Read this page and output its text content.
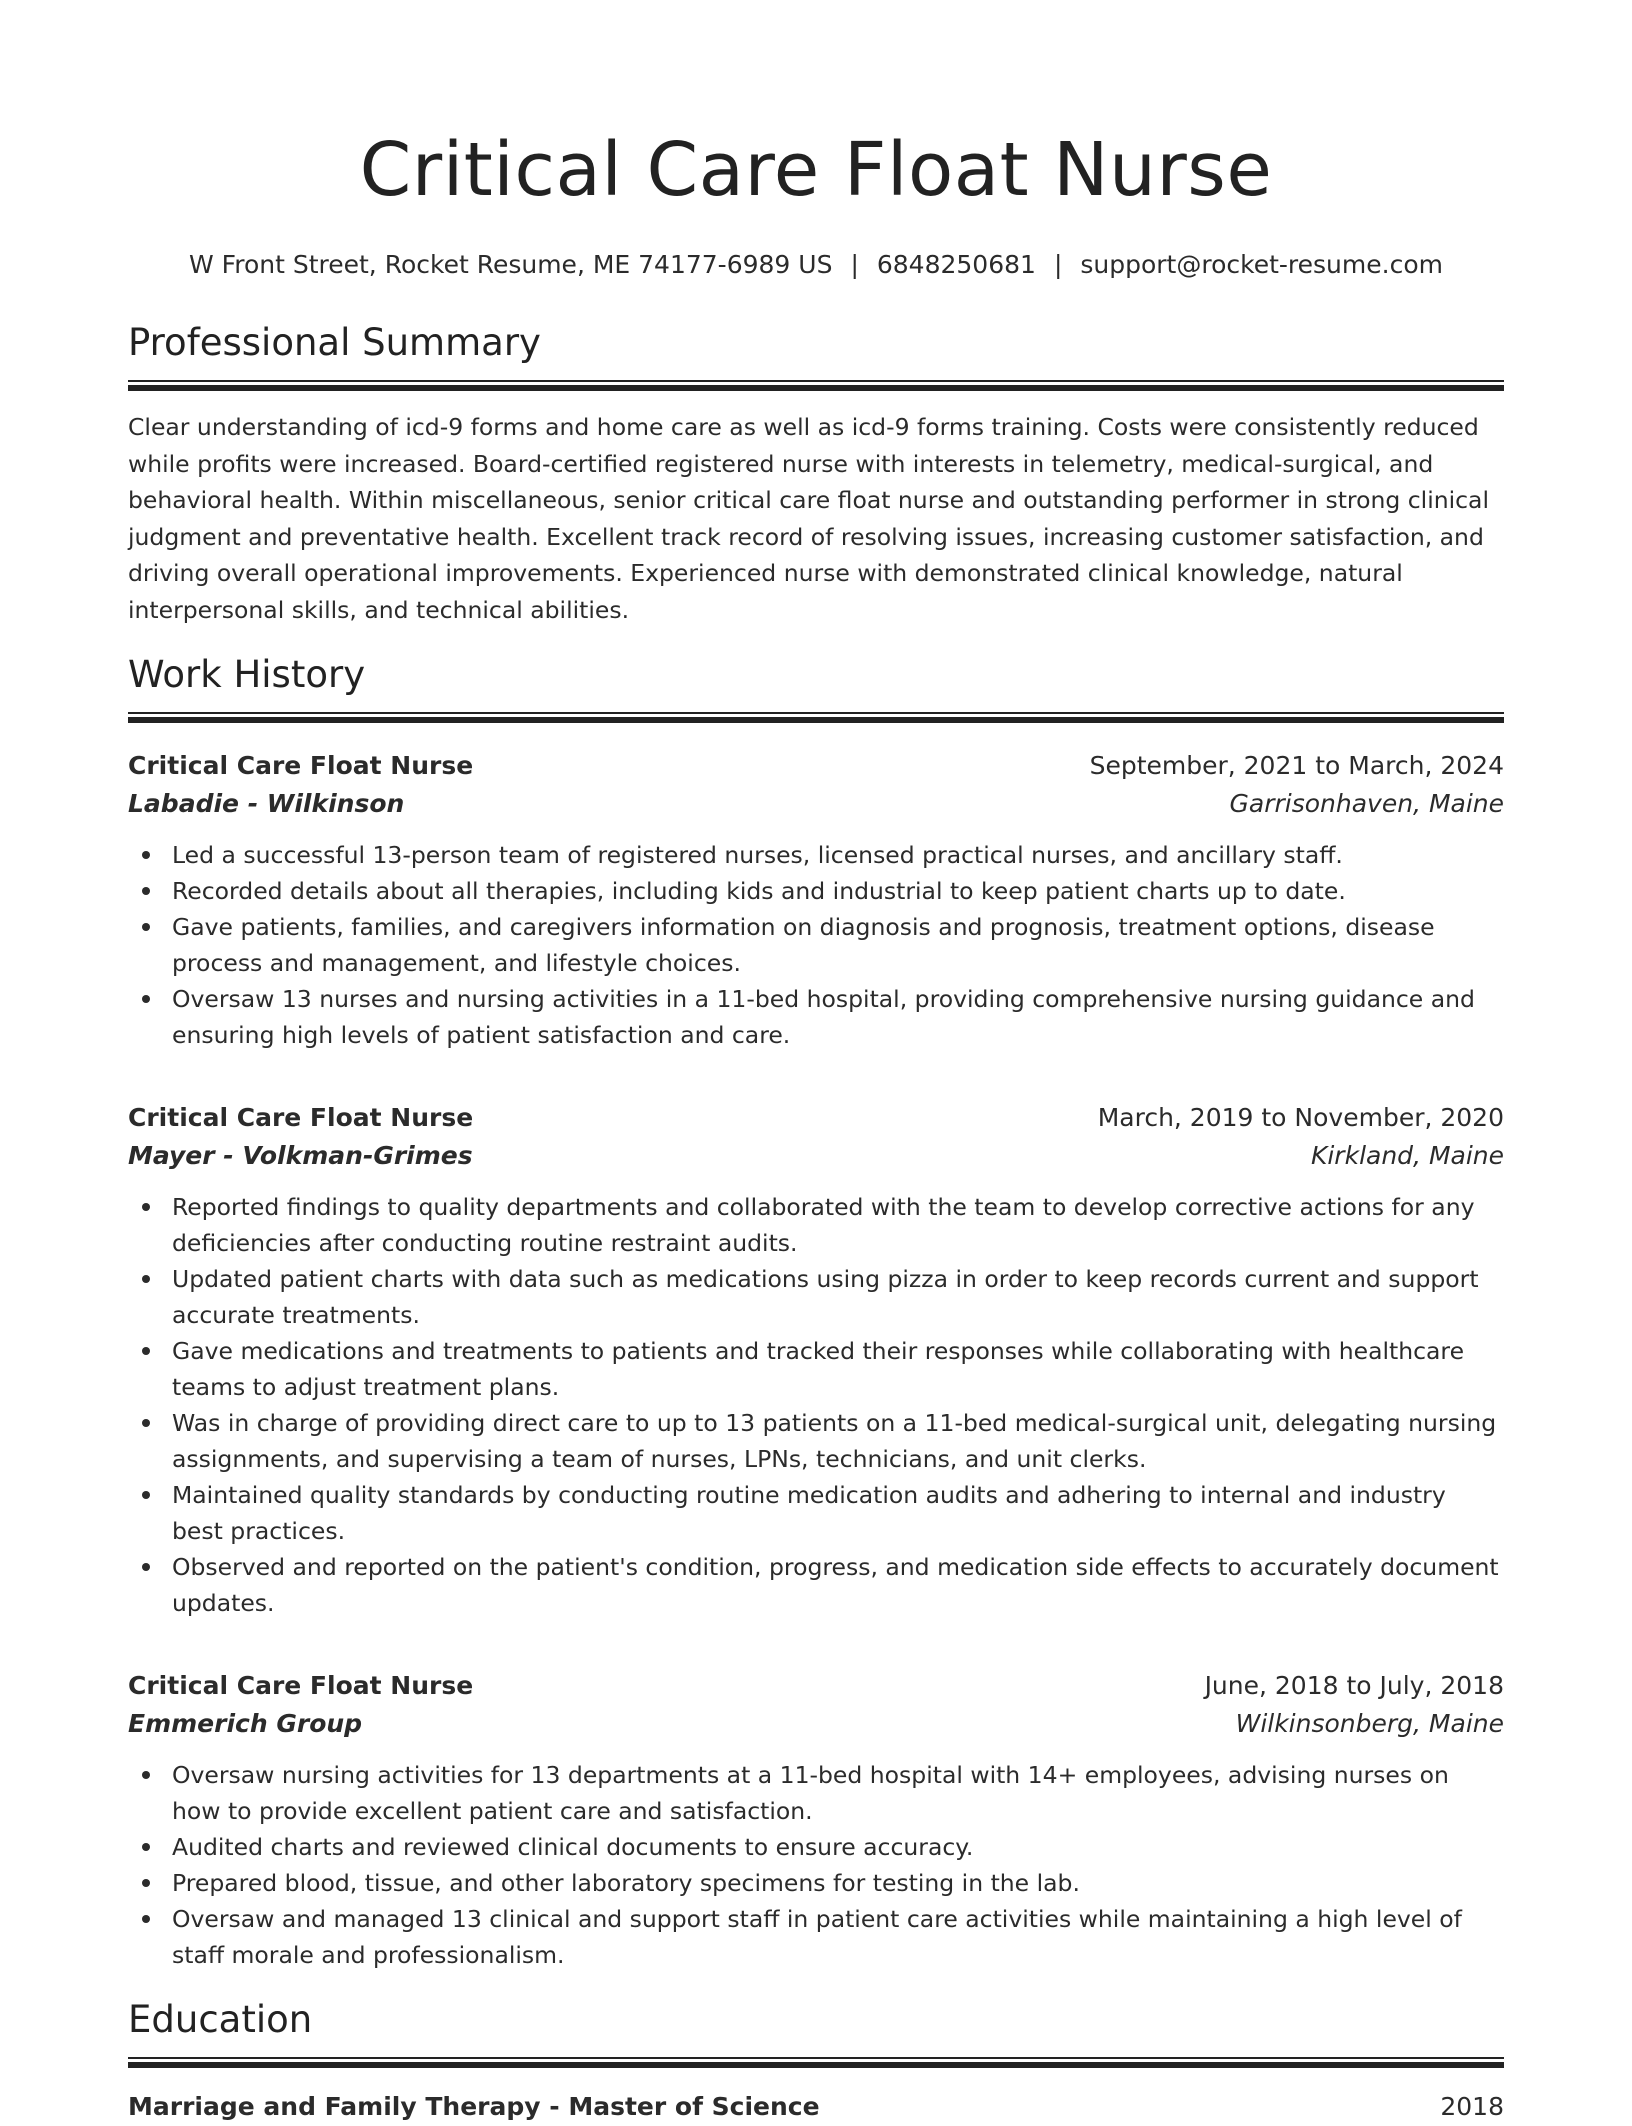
Critical Care Float Nurse
W Front Street, Rocket Resume, ME 74177-6989 US | 6848250681 | support@rocket-resume.com
Professional Summary

Clear understanding of icd-9 forms and home care as well as icd-9 forms training. Costs were consistently reduced while profits were increased. Board-certified registered nurse with interests in telemetry, medical-surgical, and behavioral health. Within miscellaneous, senior critical care float nurse and outstanding performer in strong clinical judgment and preventative health. Excellent track record of resolving issues, increasing customer satisfaction, and driving overall operational improvements. Experienced nurse with demonstrated clinical knowledge, natural interpersonal skills, and technical abilities.

Work History
Critical Care Float Nurse	September, 2021 to March, 2024
Labadie - Wilkinson	Garrisonhaven, Maine
Led a successful 13-person team of registered nurses, licensed practical nurses, and ancillary staff.
Recorded details about all therapies, including kids and industrial to keep patient charts up to date.
Gave patients, families, and caregivers information on diagnosis and prognosis, treatment options, disease process and management, and lifestyle choices.
Oversaw 13 nurses and nursing activities in a 11-bed hospital, providing comprehensive nursing guidance and ensuring high levels of patient satisfaction and care.
Critical Care Float Nurse	March, 2019 to November, 2020
Mayer - Volkman-Grimes	Kirkland, Maine
Reported findings to quality departments and collaborated with the team to develop corrective actions for any deficiencies after conducting routine restraint audits.
Updated patient charts with data such as medications using pizza in order to keep records current and support accurate treatments.
Gave medications and treatments to patients and tracked their responses while collaborating with healthcare teams to adjust treatment plans.
Was in charge of providing direct care to up to 13 patients on a 11-bed medical-surgical unit, delegating nursing assignments, and supervising a team of nurses, LPNs, technicians, and unit clerks.
Maintained quality standards by conducting routine medication audits and adhering to internal and industry best practices.
Observed and reported on the patient's condition, progress, and medication side effects to accurately document updates.
Critical Care Float Nurse	June, 2018 to July, 2018
Emmerich Group	Wilkinsonberg, Maine
Oversaw nursing activities for 13 departments at a 11-bed hospital with 14+ employees, advising nurses on how to provide excellent patient care and satisfaction.
Audited charts and reviewed clinical documents to ensure accuracy.
Prepared blood, tissue, and other laboratory specimens for testing in the lab.
Oversaw and managed 13 clinical and support staff in patient care activities while maintaining a high level of staff morale and professionalism.
Education
Marriage and Family Therapy - Master of Science	2018
